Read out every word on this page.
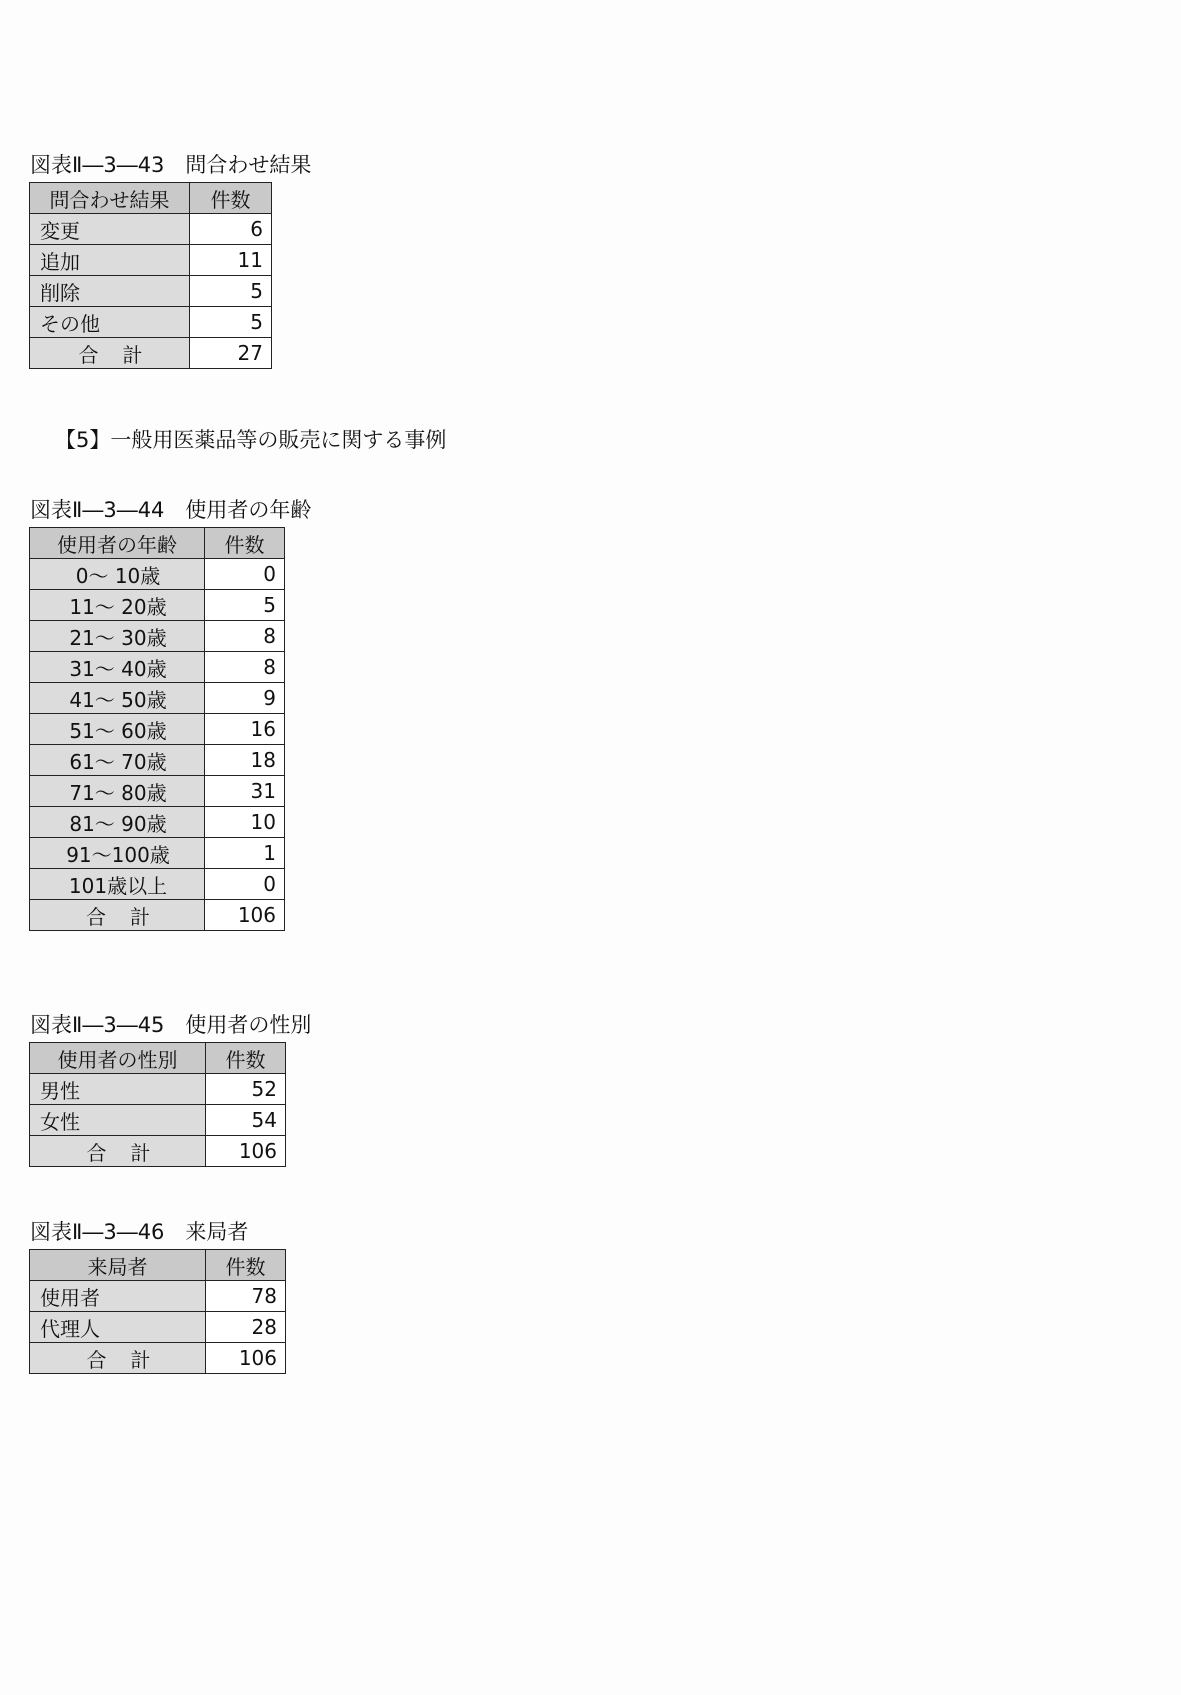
図表Ⅱ―3―43　問合わせ結果
問合わせ結果	件数
変更	6
追加	11
削除	5
その他	5
合計	27
【5】一般用医薬品等の販売に関する事例
図表Ⅱ―3―44　使用者の年齢
使用者の年齢	件数
0～ 10歳	0
11～ 20歳	5
21～ 30歳	8
31～ 40歳	8
41～ 50歳	9
51～ 60歳	16
61～ 70歳	18
71～ 80歳	31
81～ 90歳	10
91～100歳	1
101歳以上	0
合計	106
図表Ⅱ―3―45　使用者の性別
使用者の性別	件数
男性	52
女性	54
合計	106
図表Ⅱ―3―46　来局者
来局者	件数
使用者	78
代理人	28
合計	106
